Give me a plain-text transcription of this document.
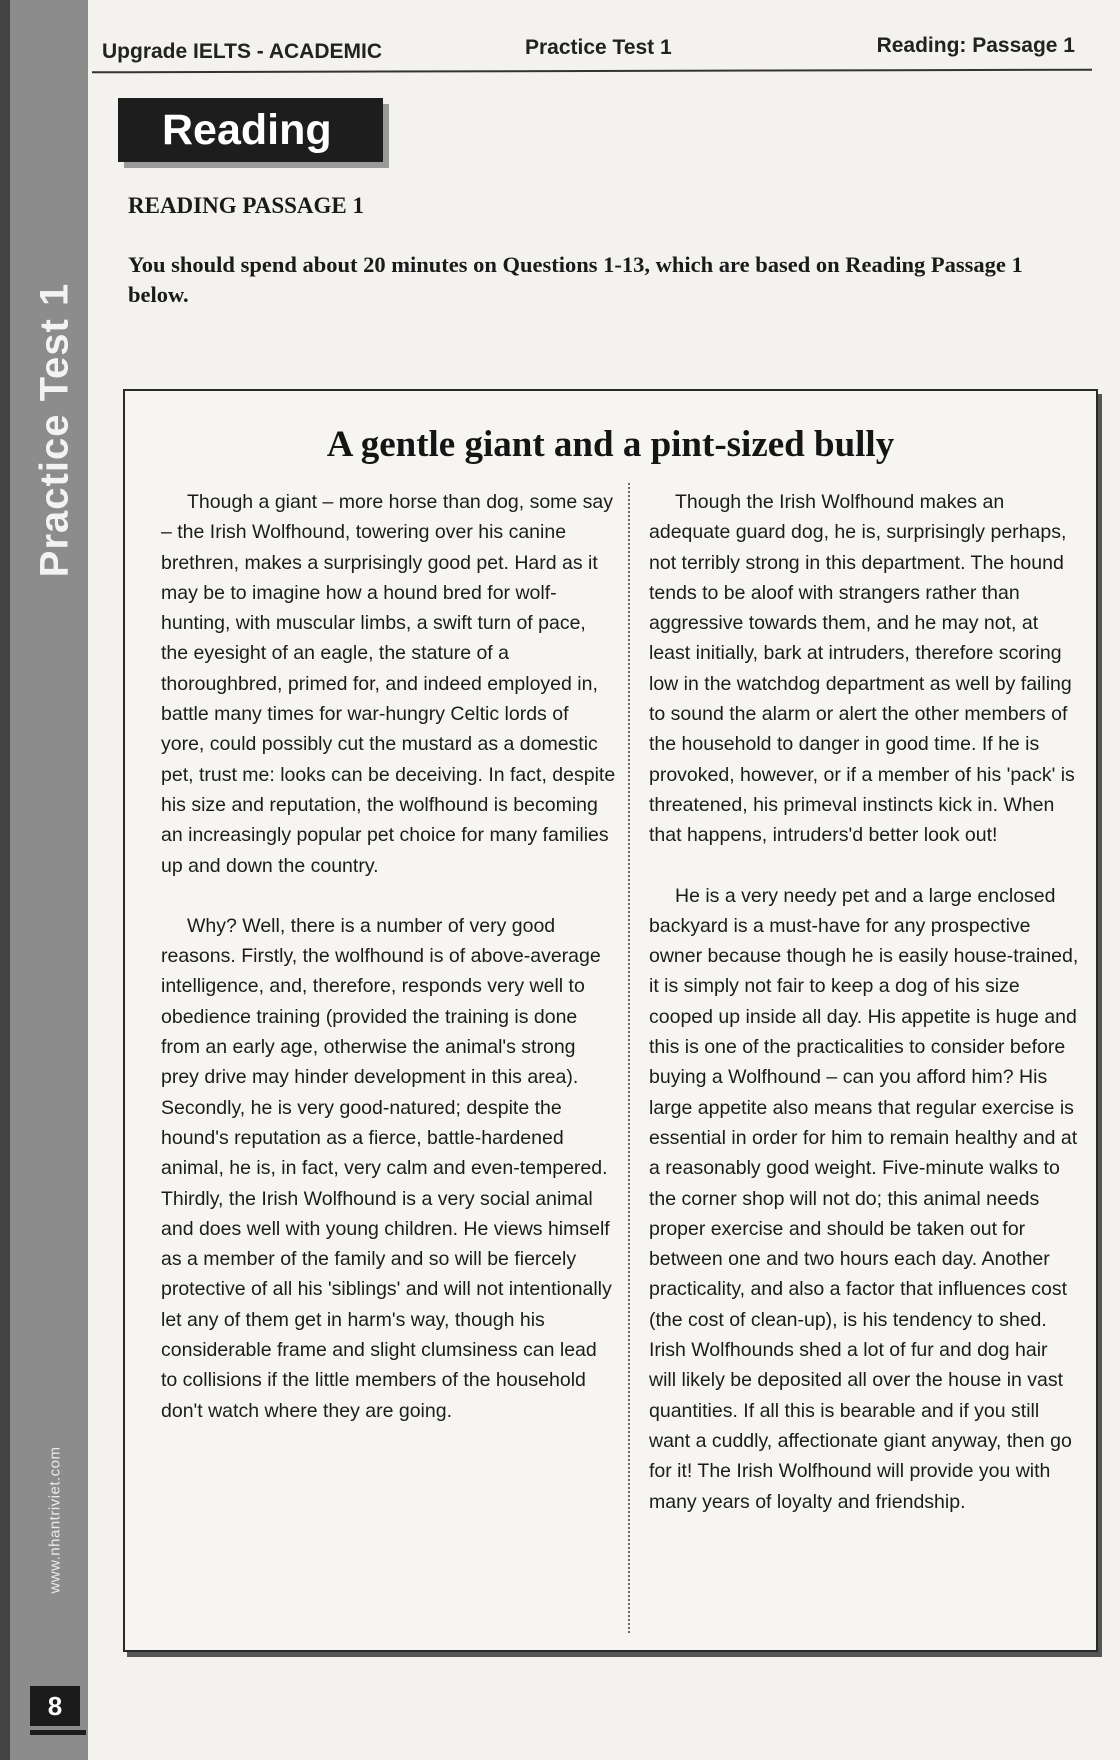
Practice Test 1
www.nhantriviet.com
8
Upgrade IELTS - ACADEMIC	Practice Test 1	Reading: Passage 1
Reading
READING PASSAGE 1
You should spend about 20 minutes on Questions 1-13, which are based on Reading Passage 1 below.
A gentle giant and a pint-sized bully

Though a giant – more horse than dog, some say – the Irish Wolfhound, towering over his canine brethren, makes a surprisingly good pet. Hard as it may be to imagine how a hound bred for wolf-hunting, with muscular limbs, a swift turn of pace, the eyesight of an eagle, the stature of a thoroughbred, primed for, and indeed employed in, battle many times for war-hungry Celtic lords of yore, could possibly cut the mustard as a domestic pet, trust me: looks can be deceiving. In fact, despite his size and reputation, the wolfhound is becoming an increasingly popular pet choice for many families up and down the country.

Why? Well, there is a number of very good reasons. Firstly, the wolfhound is of above-average intelligence, and, therefore, responds very well to obedience training (provided the training is done from an early age, otherwise the animal's strong prey drive may hinder development in this area). Secondly, he is very good-natured; despite the hound's reputation as a fierce, battle-hardened animal, he is, in fact, very calm and even-tempered. Thirdly, the Irish Wolfhound is a very social animal and does well with young children. He views himself as a member of the family and so will be fiercely protective of all his 'siblings' and will not intentionally let any of them get in harm's way, though his considerable frame and slight clumsiness can lead to collisions if the little members of the household don't watch where they are going.

Though the Irish Wolfhound makes an adequate guard dog, he is, surprisingly perhaps, not terribly strong in this department. The hound tends to be aloof with strangers rather than aggressive towards them, and he may not, at least initially, bark at intruders, therefore scoring low in the watchdog department as well by failing to sound the alarm or alert the other members of the household to danger in good time. If he is provoked, however, or if a member of his 'pack' is threatened, his primeval instincts kick in. When that happens, intruders'd better look out!

He is a very needy pet and a large enclosed backyard is a must-have for any prospective owner because though he is easily house-trained, it is simply not fair to keep a dog of his size cooped up inside all day. His appetite is huge and this is one of the practicalities to consider before buying a Wolfhound – can you afford him? His large appetite also means that regular exercise is essential in order for him to remain healthy and at a reasonably good weight. Five-minute walks to the corner shop will not do; this animal needs proper exercise and should be taken out for between one and two hours each day. Another practicality, and also a factor that influences cost (the cost of clean-up), is his tendency to shed. Irish Wolfhounds shed a lot of fur and dog hair will likely be deposited all over the house in vast quantities. If all this is bearable and if you still want a cuddly, affectionate giant anyway, then go for it! The Irish Wolfhound will provide you with many years of loyalty and friendship.
